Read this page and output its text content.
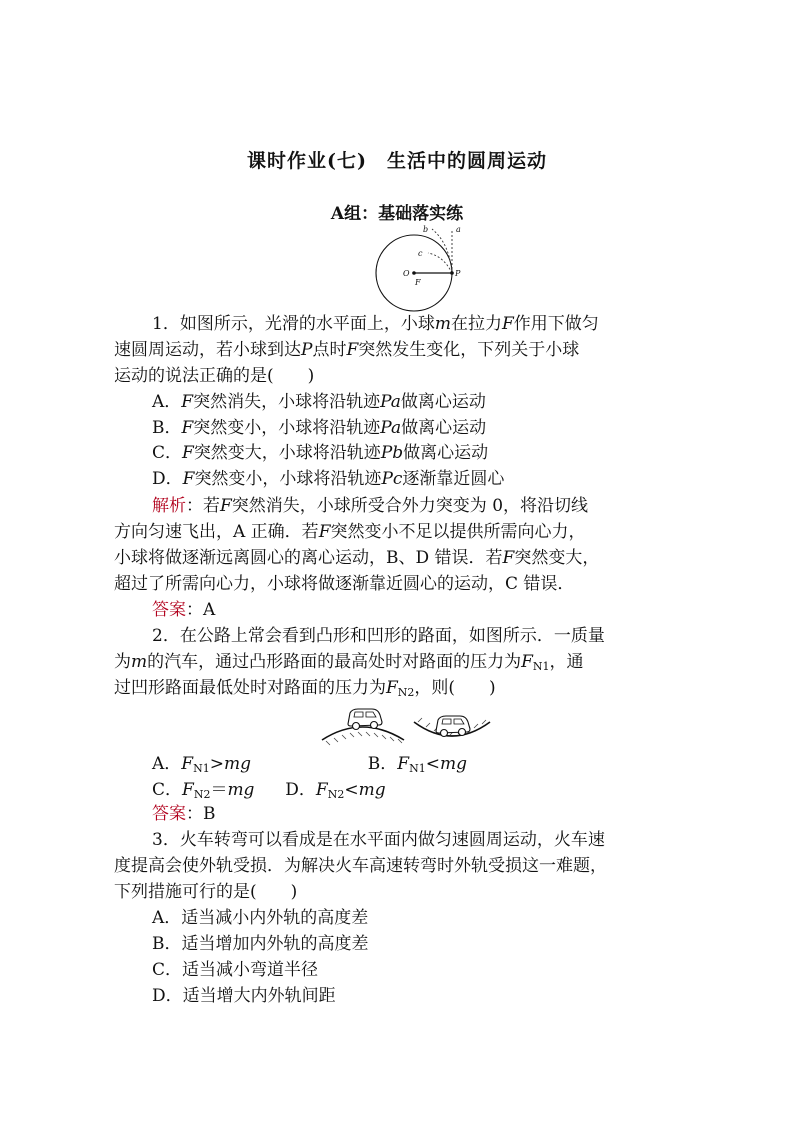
课时作业(七)　生活中的圆周运动
A组：基础落实练
a
b
c
O	P
F
1．如图所示，光滑的水平面上，小球m在拉力F作用下做匀
速圆周运动，若小球到达P点时F突然发生变化，下列关于小球
运动的说法正确的是(　　)
A．F突然消失，小球将沿轨迹Pa做离心运动
B．F突然变小，小球将沿轨迹Pa做离心运动
C．F突然变大，小球将沿轨迹Pb做离心运动
D．F突然变小，小球将沿轨迹Pc逐渐靠近圆心
解析：若F突然消失，小球所受合外力突变为 0，将沿切线
方向匀速飞出，A 正确．若F突然变小不足以提供所需向心力，
小球将做逐渐远离圆心的离心运动，B、D 错误．若F突然变大，
超过了所需向心力，小球将做逐渐靠近圆心的运动，C 错误．
答案：A
2．在公路上常会看到凸形和凹形的路面，如图所示．一质量
为m的汽车，通过凸形路面的最高处时对路面的压力为$F_{N1}$，通
过凹形路面最低处时对路面的压力为$F_{N2}$，则(　　)
A．$F_{N1}>mg$	B．$F_{N1}<mg$
C．$F_{N2}=mg$ D．$F_{N2}<mg$
答案：B
3．火车转弯可以看成是在水平面内做匀速圆周运动，火车速
度提高会使外轨受损．为解决火车高速转弯时外轨受损这一难题，
下列措施可行的是(　　)
A．适当减小内外轨的高度差
B．适当增加内外轨的高度差
C．适当减小弯道半径
D．适当增大内外轨间距
